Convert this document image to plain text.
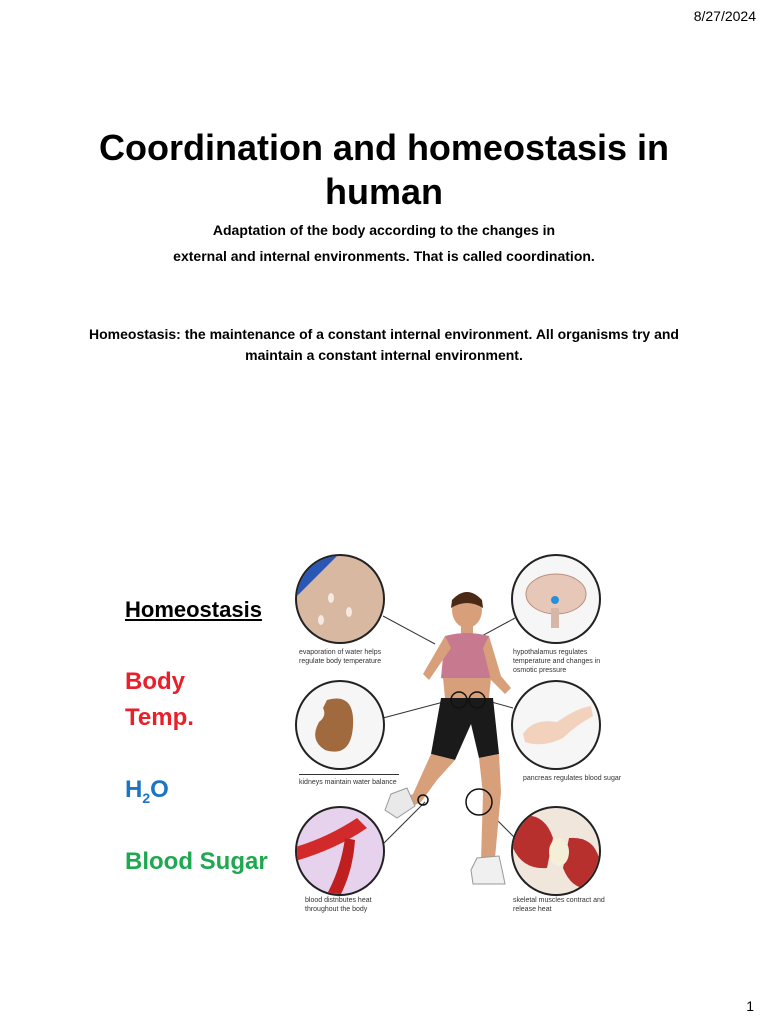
8/27/2024
Coordination and homeostasis in human
Adaptation of the body according to the changes in
external and internal environments. That is called coordination.
Homeostasis: the maintenance of a constant internal environment. All organisms try and maintain a constant internal environment.
Homeostasis
Body
Temp.
$H_2O$
Blood Sugar
evaporation of water helps regulate body temperature
hypothalamus regulates temperature and changes in osmotic pressure
kidneys maintain water balance
pancreas regulates blood sugar
blood distributes heat throughout the body
skeletal muscles contract and release heat
1
